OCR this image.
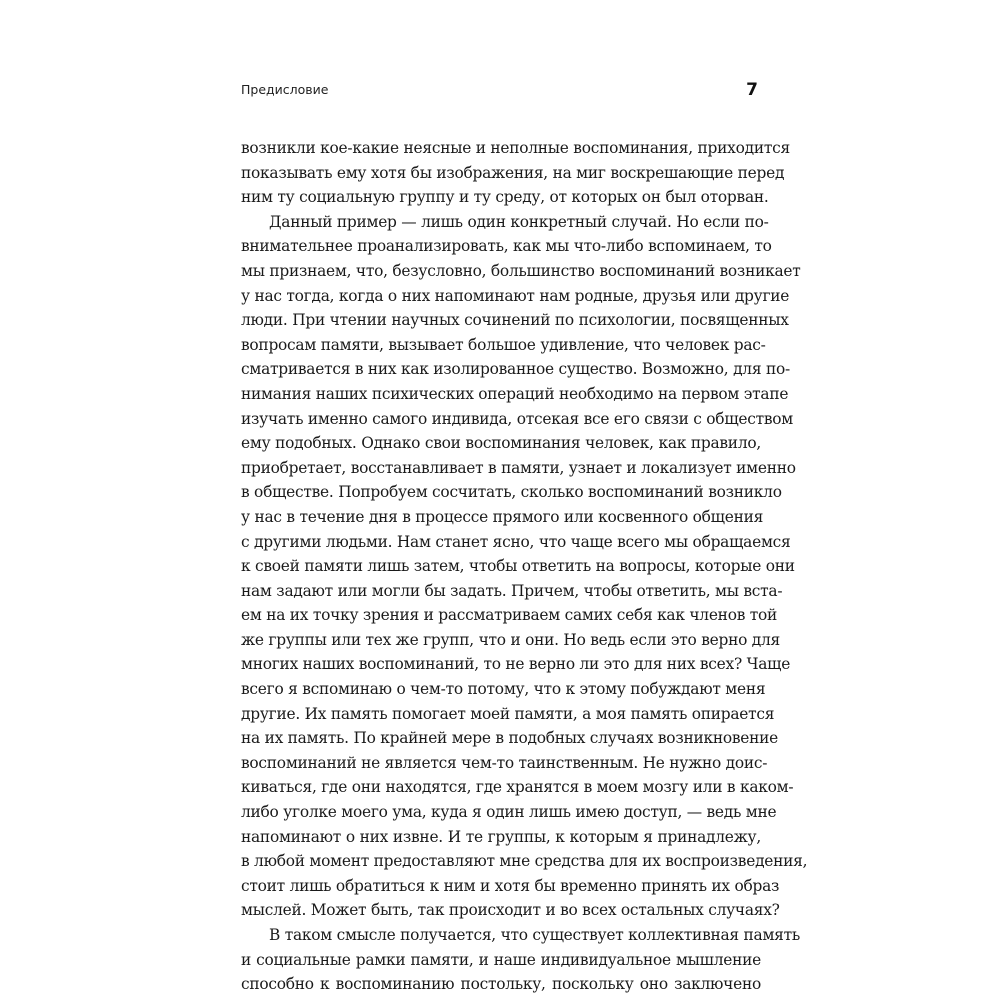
Предисловие	7
возникли кое-какие неясные и неполные воспоминания, приходится
показывать ему хотя бы изображения, на миг воскрешающие перед
ним ту социальную группу и ту среду, от которых он был оторван.
Данный пример — лишь один конкретный случай. Но если по-
внимательнее проанализировать, как мы что-либо вспоминаем, то
мы признаем, что, безусловно, большинство воспоминаний возникает
у нас тогда, когда о них напоминают нам родные, друзья или другие
люди. При чтении научных сочинений по психологии, посвященных
вопросам памяти, вызывает большое удивление, что человек рас-
сматривается в них как изолированное существо. Возможно, для по-
нимания наших психических операций необходимо на первом этапе
изучать именно самого индивида, отсекая все его связи с обществом
ему подобных. Однако свои воспоминания человек, как правило,
приобретает, восстанавливает в памяти, узнает и локализует именно
в обществе. Попробуем сосчитать, сколько воспоминаний возникло
у нас в течение дня в процессе прямого или косвенного общения
с другими людьми. Нам станет ясно, что чаще всего мы обращаемся
к своей памяти лишь затем, чтобы ответить на вопросы, которые они
нам задают или могли бы задать. Причем, чтобы ответить, мы вста-
ем на их точку зрения и рассматриваем самих себя как членов той
же группы или тех же групп, что и они. Но ведь если это верно для
многих наших воспоминаний, то не верно ли это для них всех? Чаще
всего я вспоминаю о чем-то потому, что к этому побуждают меня
другие. Их память помогает моей памяти, а моя память опирается
на их память. По крайней мере в подобных случаях возникновение
воспоминаний не является чем-то таинственным. Не нужно доис-
киваться, где они находятся, где хранятся в моем мозгу или в каком-
либо уголке моего ума, куда я один лишь имею доступ, — ведь мне
напоминают о них извне. И те группы, к которым я принадлежу,
в любой момент предоставляют мне средства для их воспроизведения,
стоит лишь обратиться к ним и хотя бы временно принять их образ
мыслей. Может быть, так происходит и во всех остальных случаях?
В таком смысле получается, что существует коллективная память
и социальные рамки памяти, и наше индивидуальное мышление
способно к воспоминанию постольку, поскольку оно заключено
